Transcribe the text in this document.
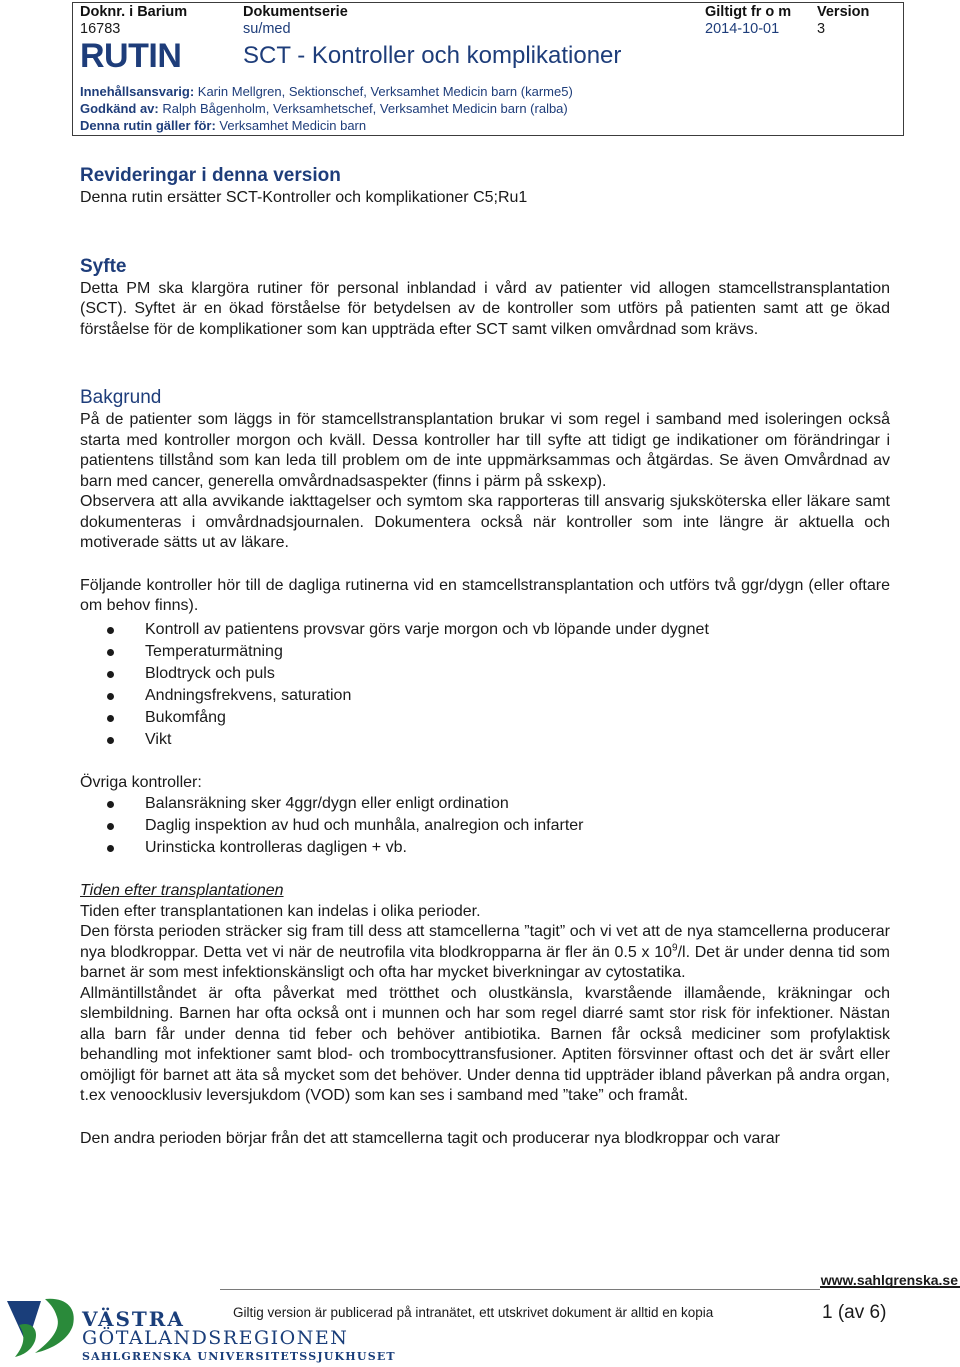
Doknr. i Barium
16783
Dokumentserie
su/med
Giltigt fr o m
2014-10-01
Version
3
RUTIN	SCT - Kontroller och komplikationer
Innehållsansvarig: Karin Mellgren, Sektionschef, Verksamhet Medicin barn (karme5)
Godkänd av: Ralph Bågenholm, Verksamhetschef, Verksamhet Medicin barn (ralba)
Denna rutin gäller för: Verksamhet Medicin barn
Revideringar i denna version

Denna rutin ersätter SCT-Kontroller och komplikationer C5;Ru1

Syfte

Detta PM ska klargöra rutiner för personal inblandad i vård av patienter vid allogen stamcellstransplantation (SCT). Syftet är en ökad förståelse för betydelsen av de kontroller som utförs på patienten samt att ge ökad förståelse för de komplikationer som kan uppträda efter SCT samt vilken omvårdnad som krävs.

Bakgrund

På de patienter som läggs in för stamcellstransplantation brukar vi som regel i samband med isoleringen också starta med kontroller morgon och kväll. Dessa kontroller har till syfte att tidigt ge indikationer om förändringar i patientens tillstånd som kan leda till problem om de inte uppmärksammas och åtgärdas. Se även Omvårdnad av barn med cancer, generella omvårdnadsaspekter (finns i pärm på sskexp).

Observera att alla avvikande iakttagelser och symtom ska rapporteras till ansvarig sjuksköterska eller läkare samt dokumenteras i omvårdnadsjournalen. Dokumentera också när kontroller som inte längre är aktuella och motiverade sätts ut av läkare.

Följande kontroller hör till de dagliga rutinerna vid en stamcellstransplantation och utförs två ggr/dygn (eller oftare om behov finns).

Kontroll av patientens provsvar görs varje morgon och vb löpande under dygnet
Temperaturmätning
Blodtryck och puls
Andningsfrekvens, saturation
Bukomfång
Vikt

Övriga kontroller:

Balansräkning sker 4ggr/dygn eller enligt ordination
Daglig inspektion av hud och munhåla, analregion och infarter
Urinsticka kontrolleras dagligen + vb.
Tiden efter transplantationen

Tiden efter transplantationen kan indelas i olika perioder.

Den första perioden sträcker sig fram till dess att stamcellerna ”tagit” och vi vet att de nya stamcellerna producerar nya blodkroppar. Detta vet vi när de neutrofila vita blodkropparna är fler än 0.5 x $10^9/l$. Det är under denna tid som barnet är som mest infektionskänsligt och ofta har mycket biverkningar av cytostatika.

Allmäntillståndet är ofta påverkat med trötthet och olustkänsla, kvarstående illamående, kräkningar och slembildning. Barnen har ofta också ont i munnen och har som regel diarré samt stor risk för infektioner. Nästan alla barn får under denna tid feber och behöver antibiotika. Barnen får också mediciner som profylaktisk behandling mot infektioner samt blod- och trombocyttransfusioner. Aptiten försvinner oftast och det är svårt eller omöjligt för barnet att äta så mycket som det behöver. Under denna tid uppträder ibland påverkan på andra organ, t.ex venoocklusiv leversjukdom (VOD) som kan ses i samband med ”take” och framåt.

Den andra perioden börjar från det att stamcellerna tagit och producerar nya blodkroppar och varar

www.sahlgrenska.se
VÄSTRA
GÖTALANDSREGIONEN
SAHLGRENSKA UNIVERSITETSSJUKHUSET
Giltig version är publicerad på intranätet, ett utskrivet dokument är alltid en kopia	1 (av 6)
